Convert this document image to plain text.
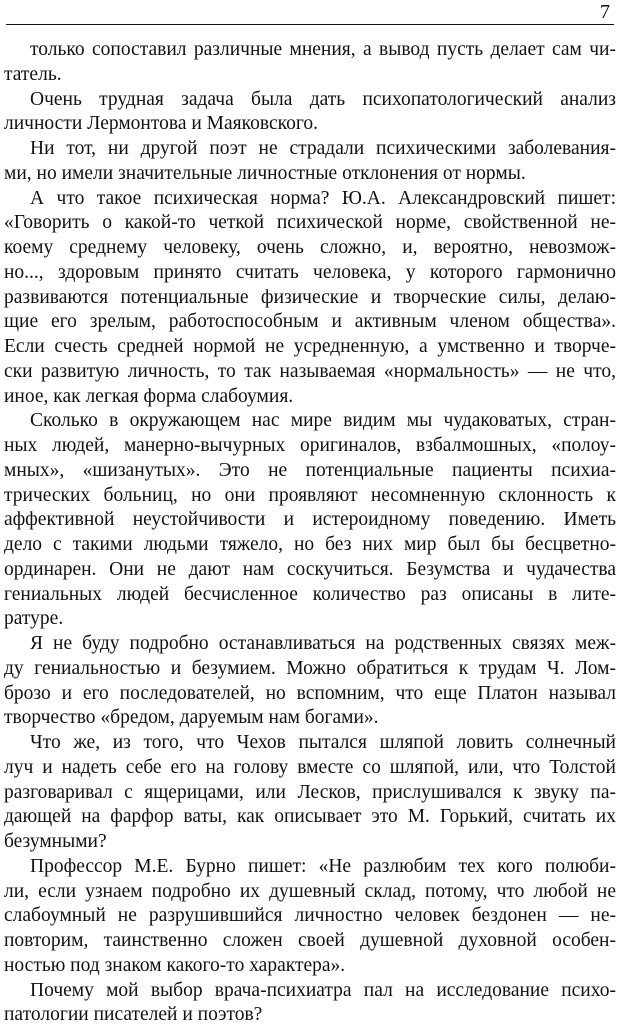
7
только сопоставил различные мнения, а вывод пусть делает сам чи-
татель.
Очень трудная задача была дать психопатологический анализ
личности Лермонтова и Маяковского.
Ни тот, ни другой поэт не страдали психическими заболевания-
ми, но имели значительные личностные отклонения от нормы.
А что такое психическая норма? Ю.А. Александровский пишет:
«Говорить о какой-то четкой психической норме, свойственной не-
коему среднему человеку, очень сложно, и, вероятно, невозмож-
но..., здоровым принято считать человека, у которого гармонично
развиваются потенциальные физические и творческие силы, делаю-
щие его зрелым, работоспособным и активным членом общества».
Если счесть средней нормой не усредненную, а умственно и творче-
ски развитую личность, то так называемая «нормальность» — не что,
иное, как легкая форма слабоумия.
Сколько в окружающем нас мире видим мы чудаковатых, стран-
ных людей, манерно-вычурных оригиналов, взбалмошных, «полоу-
мных», «шизанутых». Это не потенциальные пациенты психиа-
трических больниц, но они проявляют несомненную склонность к
аффективной неустойчивости и истероидному поведению. Иметь
дело с такими людьми тяжело, но без них мир был бы бесцветно-
ординарен. Они не дают нам соскучиться. Безумства и чудачества
гениальных людей бесчисленное количество раз описаны в лите-
ратуре.
Я не буду подробно останавливаться на родственных связях меж-
ду гениальностью и безумием. Можно обратиться к трудам Ч. Лом-
брозо и его последователей, но вспомним, что еще Платон называл
творчество «бредом, даруемым нам богами».
Что же, из того, что Чехов пытался шляпой ловить солнечный
луч и надеть себе его на голову вместе со шляпой, или, что Толстой
разговаривал с ящерицами, или Лесков, прислушивался к звуку па-
дающей на фарфор ваты, как описывает это М. Горький, считать их
безумными?
Профессор М.Е. Бурно пишет: «Не разлюбим тех кого полюби-
ли, если узнаем подробно их душевный склад, потому, что любой не
слабоумный не разрушившийся личностно человек бездонен — не-
повторим, таинственно сложен своей душевной духовной особен-
ностью под знаком какого-то характера».
Почему мой выбор врача-психиатра пал на исследование психо-
патологии писателей и поэтов?
